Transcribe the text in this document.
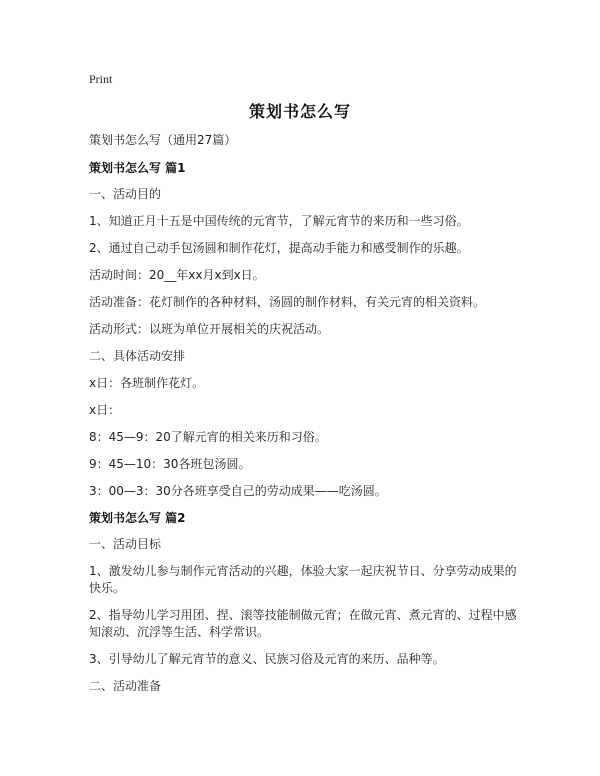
Print
策划书怎么写

策划书怎么写（通用27篇）

策划书怎么写 篇1

一、活动目的

1、知道正月十五是中国传统的元宵节，了解元宵节的来历和一些习俗。

2、通过自己动手包汤圆和制作花灯，提高动手能力和感受制作的乐趣。

活动时间：20__年xx月x到x日。

活动准备：花灯制作的各种材料，汤圆的制作材料，有关元宵的相关资料。

活动形式：以班为单位开展相关的庆祝活动。

二、具体活动安排

x日：各班制作花灯。

x日：

8：45—9：20了解元宵的相关来历和习俗。

9：45—10：30各班包汤圆。

3：00—3：30分各班享受自己的劳动成果——吃汤圆。

策划书怎么写 篇2

一、活动目标

1、激发幼儿参与制作元宵活动的兴趣，体验大家一起庆祝节日、分享劳动成果的快乐。

2、指导幼儿学习用团、捏、滚等技能制做元宵；在做元宵、煮元宵的、过程中感知滚动、沉浮等生活、科学常识。

3、引导幼儿了解元宵节的意义、民族习俗及元宵的来历、品种等。

二、活动准备
